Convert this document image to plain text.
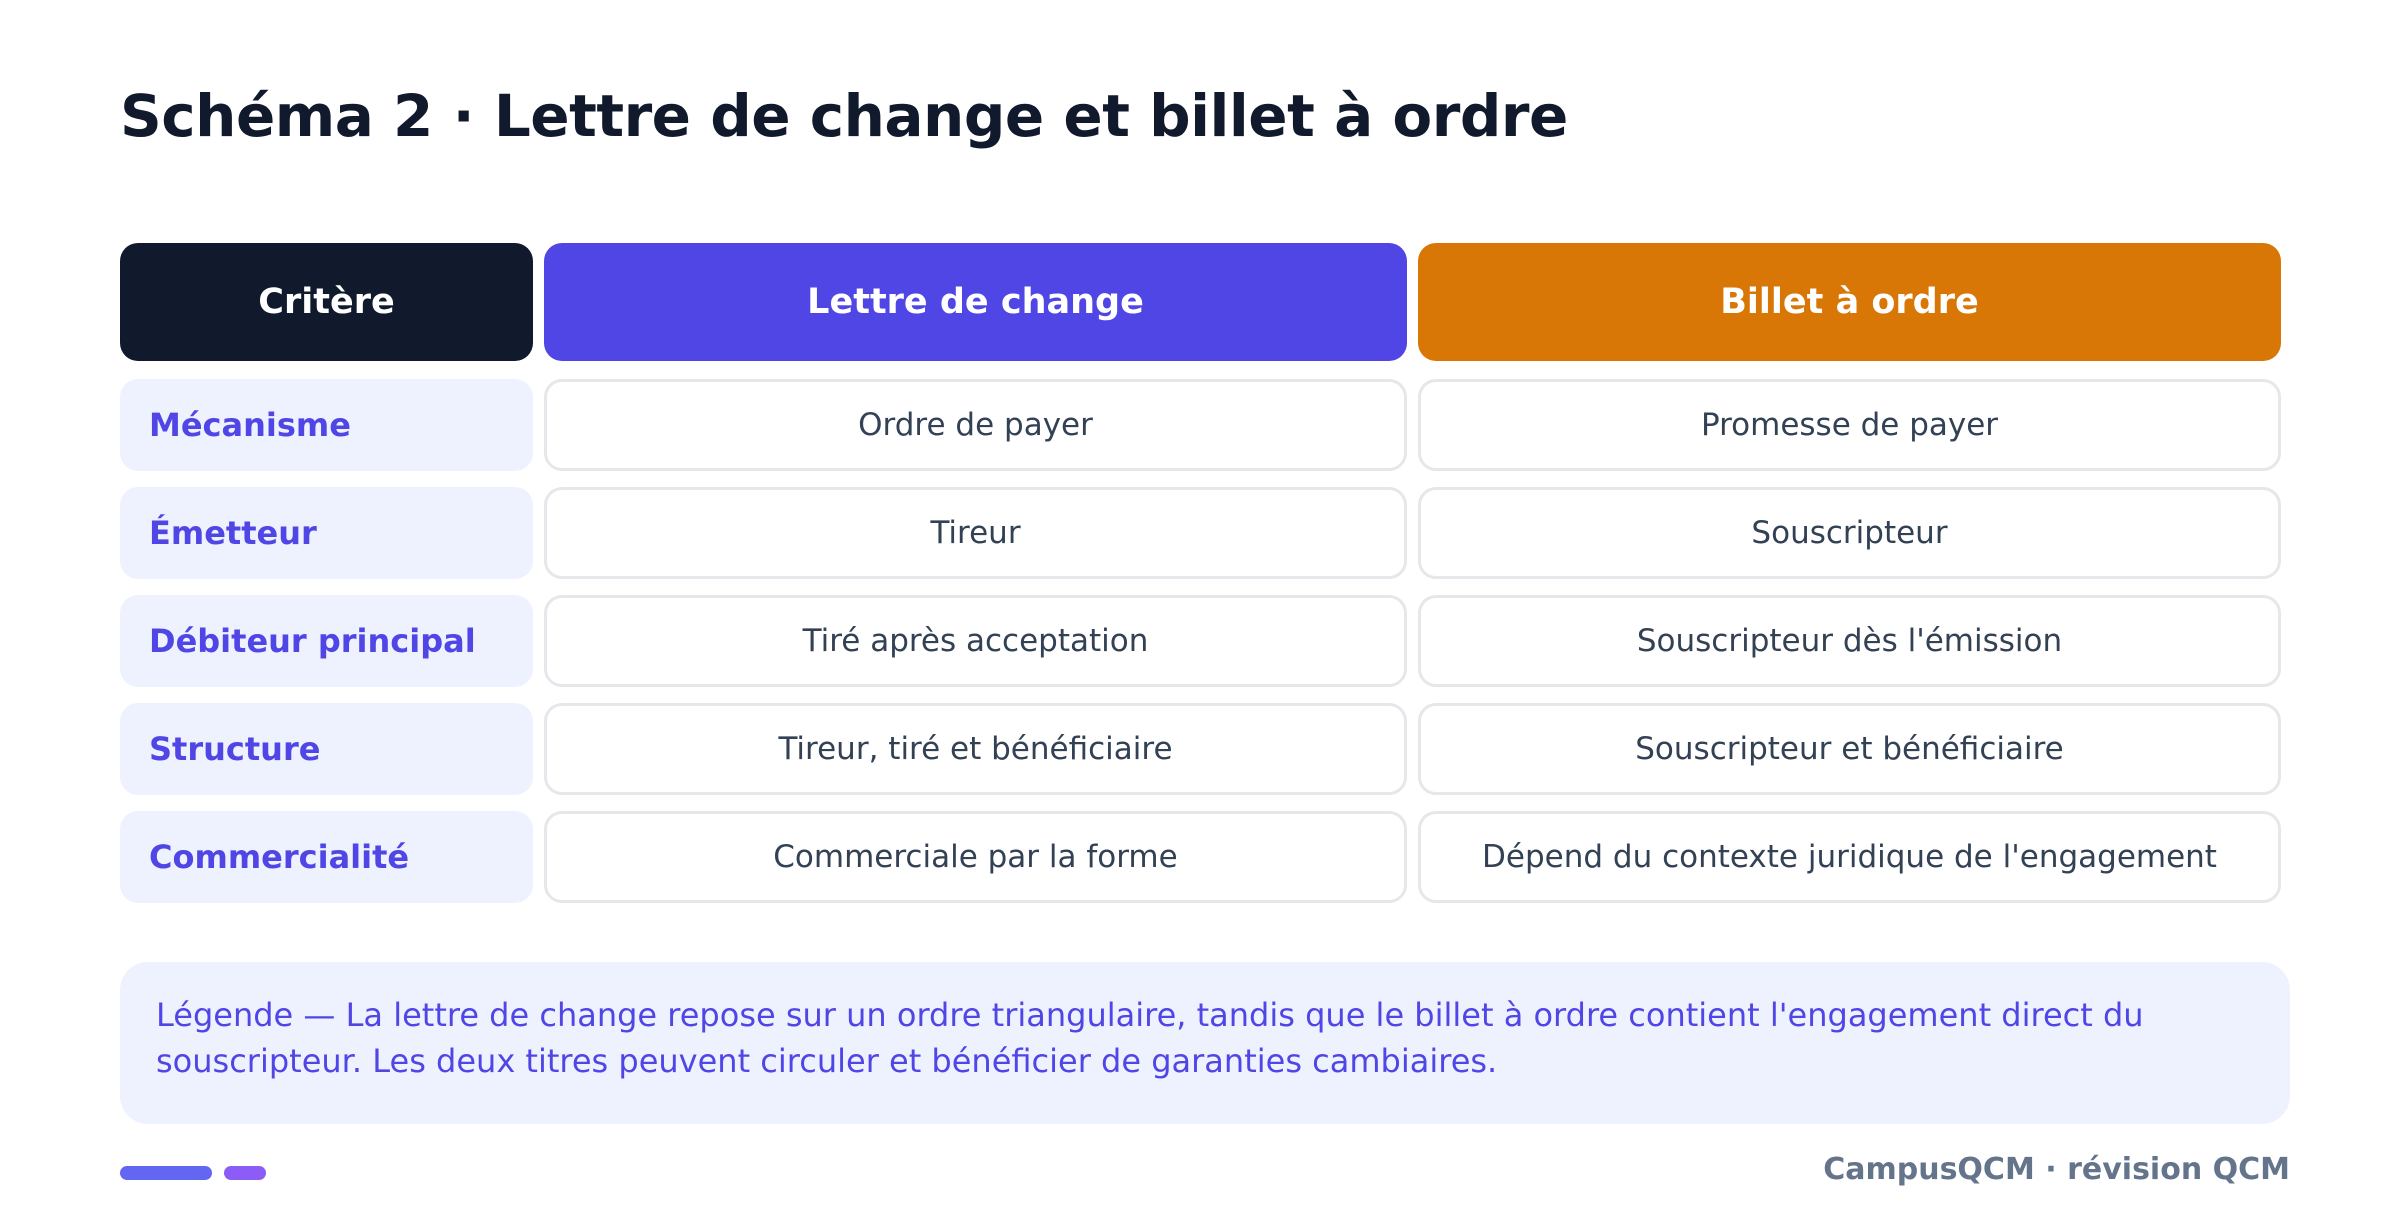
Schéma 2 · Lettre de change et billet à ordre
Critère	Lettre de change	Billet à ordre
Mécanisme	Ordre de payer	Promesse de payer
Émetteur	Tireur	Souscripteur
Débiteur principal	Tiré après acceptation	Souscripteur dès l'émission
Structure	Tireur, tiré et bénéficiaire	Souscripteur et bénéficiaire
Commercialité	Commerciale par la forme	Dépend du contexte juridique de l'engagement
Légende — La lettre de change repose sur un ordre triangulaire, tandis que le billet à ordre contient l'engagement direct du souscripteur. Les deux titres peuvent circuler et bénéficier de garanties cambiaires.
CampusQCM · révision QCM
